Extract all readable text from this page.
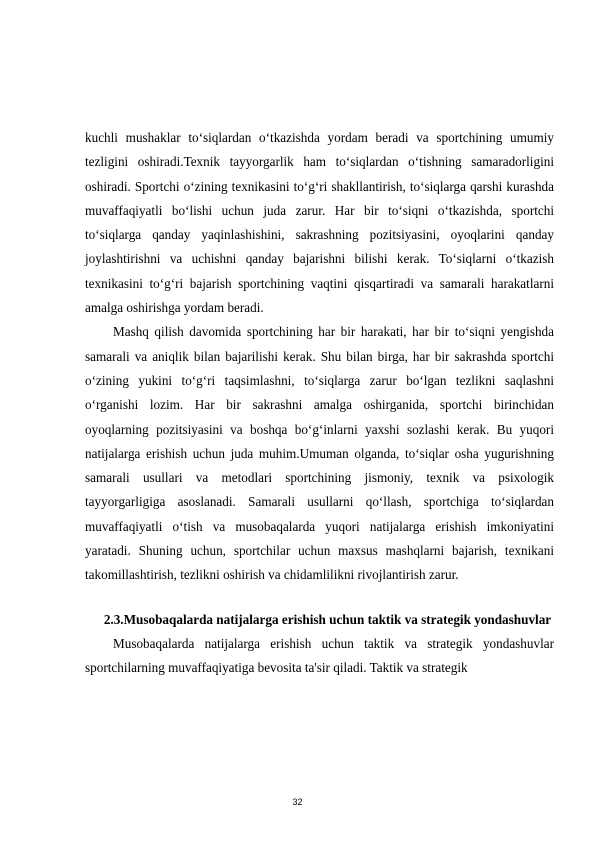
kuchli mushaklar to‘siqlardan o‘tkazishda yordam beradi va sportchining umumiy tezligini oshiradi.Texnik tayyorgarlik ham to‘siqlardan o‘tishning samaradorligini oshiradi. Sportchi o‘zining texnikasini to‘g‘ri shakllantirish, to‘siqlarga qarshi kurashda muvaffaqiyatli bo‘lishi uchun juda zarur. Har bir to‘siqni o‘tkazishda, sportchi to‘siqlarga qanday yaqinlashishini, sakrashning pozitsiyasini, oyoqlarini qanday joylashtirishni va uchishni qanday bajarishni bilishi kerak. To‘siqlarni o‘tkazish texnikasini to‘g‘ri bajarish sportchining vaqtini qisqartiradi va samarali harakatlarni amalga oshirishga yordam beradi.

Mashq qilish davomida sportchining har bir harakati, har bir to‘siqni yengishda samarali va aniqlik bilan bajarilishi kerak. Shu bilan birga, har bir sakrashda sportchi o‘zining yukini to‘g‘ri taqsimlashni, to‘siqlarga zarur bo‘lgan tezlikni saqlashni o‘rganishi lozim. Har bir sakrashni amalga oshirganida, sportchi birinchidan oyoqlarning pozitsiyasini va boshqa bo‘g‘inlarni yaxshi sozlashi kerak. Bu yuqori natijalarga erishish uchun juda muhim.Umuman olganda, to‘siqlar osha yugurishning samarali usullari va metodlari sportchining jismoniy, texnik va psixologik tayyorgarligiga asoslanadi. Samarali usullarni qo‘llash, sportchiga to‘siqlardan muvaffaqiyatli o‘tish va musobaqalarda yuqori natijalarga erishish imkoniyatini yaratadi. Shuning uchun, sportchilar uchun maxsus mashqlarni bajarish, texnikani takomillashtirish, tezlikni oshirish va chidamlilikni rivojlantirish zarur.

2.3.Musobaqalarda natijalarga erishish uchun taktik va strategik yondashuvlar

Musobaqalarda natijalarga erishish uchun taktik va strategik yondashuvlar sportchilarning muvaffaqiyatiga bevosita ta'sir qiladi. Taktik va strategik

32
